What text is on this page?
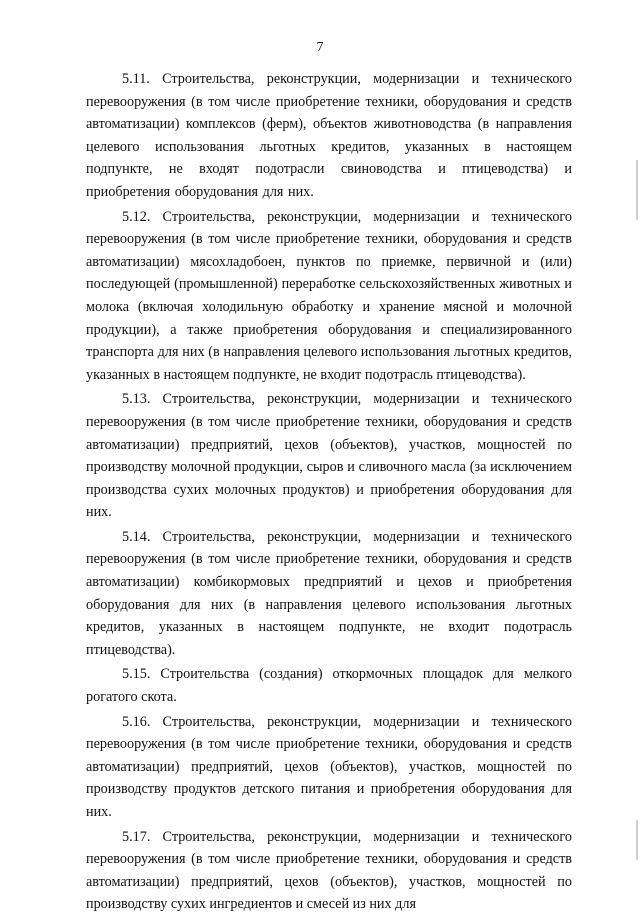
7

5.11. Строительства, реконструкции, модернизации и технического перевооружения (в том числе приобретение техники, оборудования и средств автоматизации) комплексов (ферм), объектов животноводства (в направления целевого использования льготных кредитов, указанных в настоящем подпункте, не входят подотрасли свиноводства и птицеводства) и приобретения оборудования для них.

5.12. Строительства, реконструкции, модернизации и технического перевооружения (в том числе приобретение техники, оборудования и средств автоматизации) мясохладобоен, пунктов по приемке, первичной и (или) последующей (промышленной) переработке сельскохозяйственных животных и молока (включая холодильную обработку и хранение мясной и молочной продукции), а также приобретения оборудования и специализированного транспорта для них (в направления целевого использования льготных кредитов, указанных в настоящем подпункте, не входит подотрасль птицеводства).

5.13. Строительства, реконструкции, модернизации и технического перевооружения (в том числе приобретение техники, оборудования и средств автоматизации) предприятий, цехов (объектов), участков, мощностей по производству молочной продукции, сыров и сливочного масла (за исключением производства сухих молочных продуктов) и приобретения оборудования для них.

5.14. Строительства, реконструкции, модернизации и технического перевооружения (в том числе приобретение техники, оборудования и средств автоматизации) комбикормовых предприятий и цехов и приобретения оборудования для них (в направления целевого использования льготных кредитов, указанных в настоящем подпункте, не входит подотрасль птицеводства).

5.15. Строительства (создания) откормочных площадок для мелкого рогатого скота.

5.16. Строительства, реконструкции, модернизации и технического перевооружения (в том числе приобретение техники, оборудования и средств автоматизации) предприятий, цехов (объектов), участков, мощностей по производству продуктов детского питания и приобретения оборудования для них.

5.17. Строительства, реконструкции, модернизации и технического перевооружения (в том числе приобретение техники, оборудования и средств автоматизации) предприятий, цехов (объектов), участков, мощностей по производству сухих ингредиентов и смесей из них для
